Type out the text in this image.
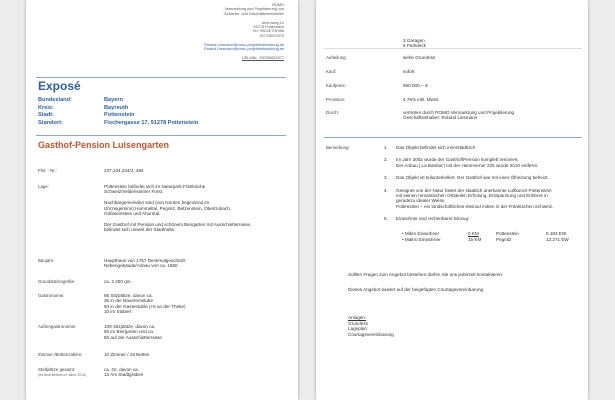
ROMO
Vermarktung und Projektierung von
Gewerbe- und Geschäftsimmobilien
Ahornweg 12
91278 Pottenstein
Tel: 09243/701956
0171/8570575
Roland.Liesmann@romo-projektentwicklung.de
Roland.Liesmann@romo-projektentwicklung.de
USt-IdNr.: DE255624577
Exposé
Bundesland:	Bayern
Kreis:	Bayreuth
Stadt:	Pottenstein
Standort:	Fischergasse 17, 91278 Pottenstein
Gasthof-Pension Luisengarten
Flst. - Nr.:	237,234,234/2, 492
Lage:	Pottenstein befindet sich im Naturpark Fränkische
Schweiz/Veldensteiner Forst.
Nachbargemeinden sind (von Norden beginnend im
Uhrzeigersinn) Hummeltal, Pegnitz, Betzenstein, Obertrubach,
Gößweinstein und Ahorntal.
Der Gasthof mit Pension und schönem Biergarten mit Ausschistterrasse,
befindet sich unweit der Stadtmitte.
Baujahr:	Haupthaus von 1757 Denkmalgeschützt
Nebengebäude/Anbau von ca. 1850
Grundstücksgröße:	ca. 2.400 qm
Gastronomie:	95 Sitzplätze, davon ca.
35 in der Baueremstube
50 in der Gastestuble (+8 an der Theke)
10 im Stüberl
Außengastronomie:	100 Sitzplätze, davon ca.
50 im Biergarten und ca.
50 auf der Ausschistterrasse
Zimmer-/Bettenzahlen:	10 Zimmer / 18 Betten
Stellplätze gesamt:
(im Boot-Betrieb im Jahre 2014)
ca. 22, davon ca.
15 Am Stadtgraben
3 Garagen
6 Parkdeck
Aufteilung:	siehe Grundriss
Kauf:	sofort
Kaufpreis:	950.000,-- €
Provision:	4,76% inkl. MwSt.
Durch:	vertreten durch ROMO Vermarktung und Projektierung
Geschäftsinhaber: Roland Liesmann
Bemerkung:	1. Das Objekt befindet sich innerstädtisch
2. Im Jahr 2002 wurde der Gasthof/Pension komplett renoviert.
Der Anbau (‚La Bamba') mit der Hammerner 225 wurde 2010 entfernt.
3. Das Objekt ist teilunterkellert. Der Gasthof war mit einer Ölheizung beheizt.
4. Geeignet von der Natur bietet der staatlich anerkannte Luftkurort Pottenstein
mit seinen romantischen Ortsteilen Erholung, Entspannung und Erlebnis in
geradezu idealer Weise.
Pottenstein – ein landschaftliches Kleinod mitten in der Fränkischen Schweiz.
5. Einwohner und rechenbarer Einzug:
• Mikro Einwohner	0 KM	Pottenstein	5.183 EW
• Makro Einwohner	15 KM	Pegnitz	13.271 EW
Sollten Fragen zum Angebot bestehen dürfen Sie uns jederzeit kontaktieren.
Dieses Angebot basiert auf der beigefügten Courtagevereinbarung.
Anlagen:
Grundriss
Lageplan
Courtagevereinbarung
